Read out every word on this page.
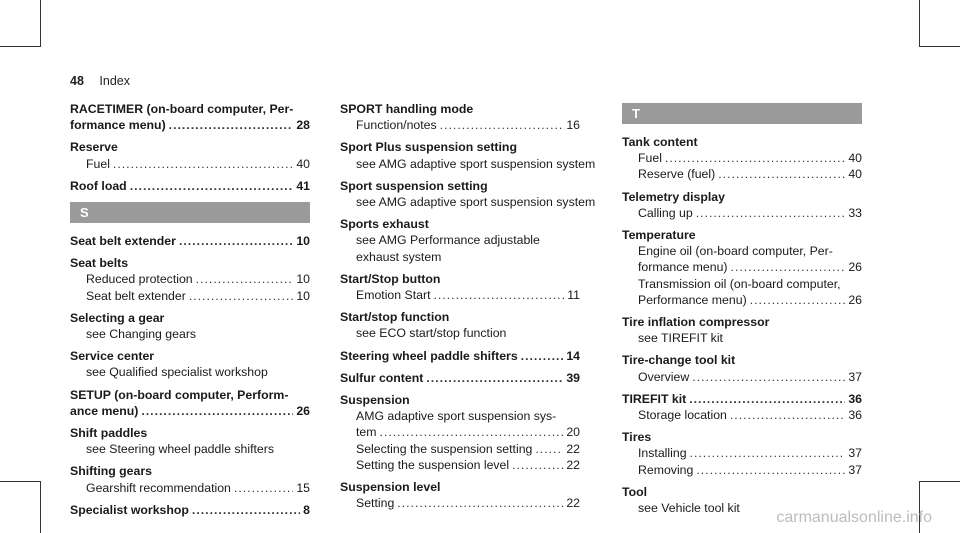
48 Index
RACETIMER (on-board computer, Per-
formance menu) .....	28
Reserve
Fuel .....	40
Roof load .....	41
S
Seat belt extender .....	10
Seat belts
Reduced protection .....	10
Seat belt extender .....	10
Selecting a gear
see Changing gears
Service center
see Qualified specialist workshop
SETUP (on-board computer, Perform-
ance menu) .....	26
Shift paddles
see Steering wheel paddle shifters
Shifting gears
Gearshift recommendation .....	15
Specialist workshop .....	8
SPORT handling mode
Function/notes .....	16
Sport Plus suspension setting
see AMG adaptive sport suspension system
Sport suspension setting
see AMG adaptive sport suspension system
Sports exhaust
see AMG Performance adjustable
exhaust system
Start/Stop button
Emotion Start .....	11
Start/stop function
see ECO start/stop function
Steering wheel paddle shifters .....	14
Sulfur content .....	39
Suspension
AMG adaptive sport suspension sys-
tem .....	20
Selecting the suspension setting .....	22
Setting the suspension level .....	22
Suspension level
Setting .....	22
T
Tank content
Fuel .....	40
Reserve (fuel) .....	40
Telemetry display
Calling up .....	33
Temperature
Engine oil (on-board computer, Per-
formance menu) .....	26
Transmission oil (on-board computer,
Performance menu) .....	26
Tire inflation compressor
see TIREFIT kit
Tire-change tool kit
Overview .....	37
TIREFIT kit .....	36
Storage location .....	36
Tires
Installing .....	37
Removing .....	37
Tool
see Vehicle tool kit
carmanualsonline.info
